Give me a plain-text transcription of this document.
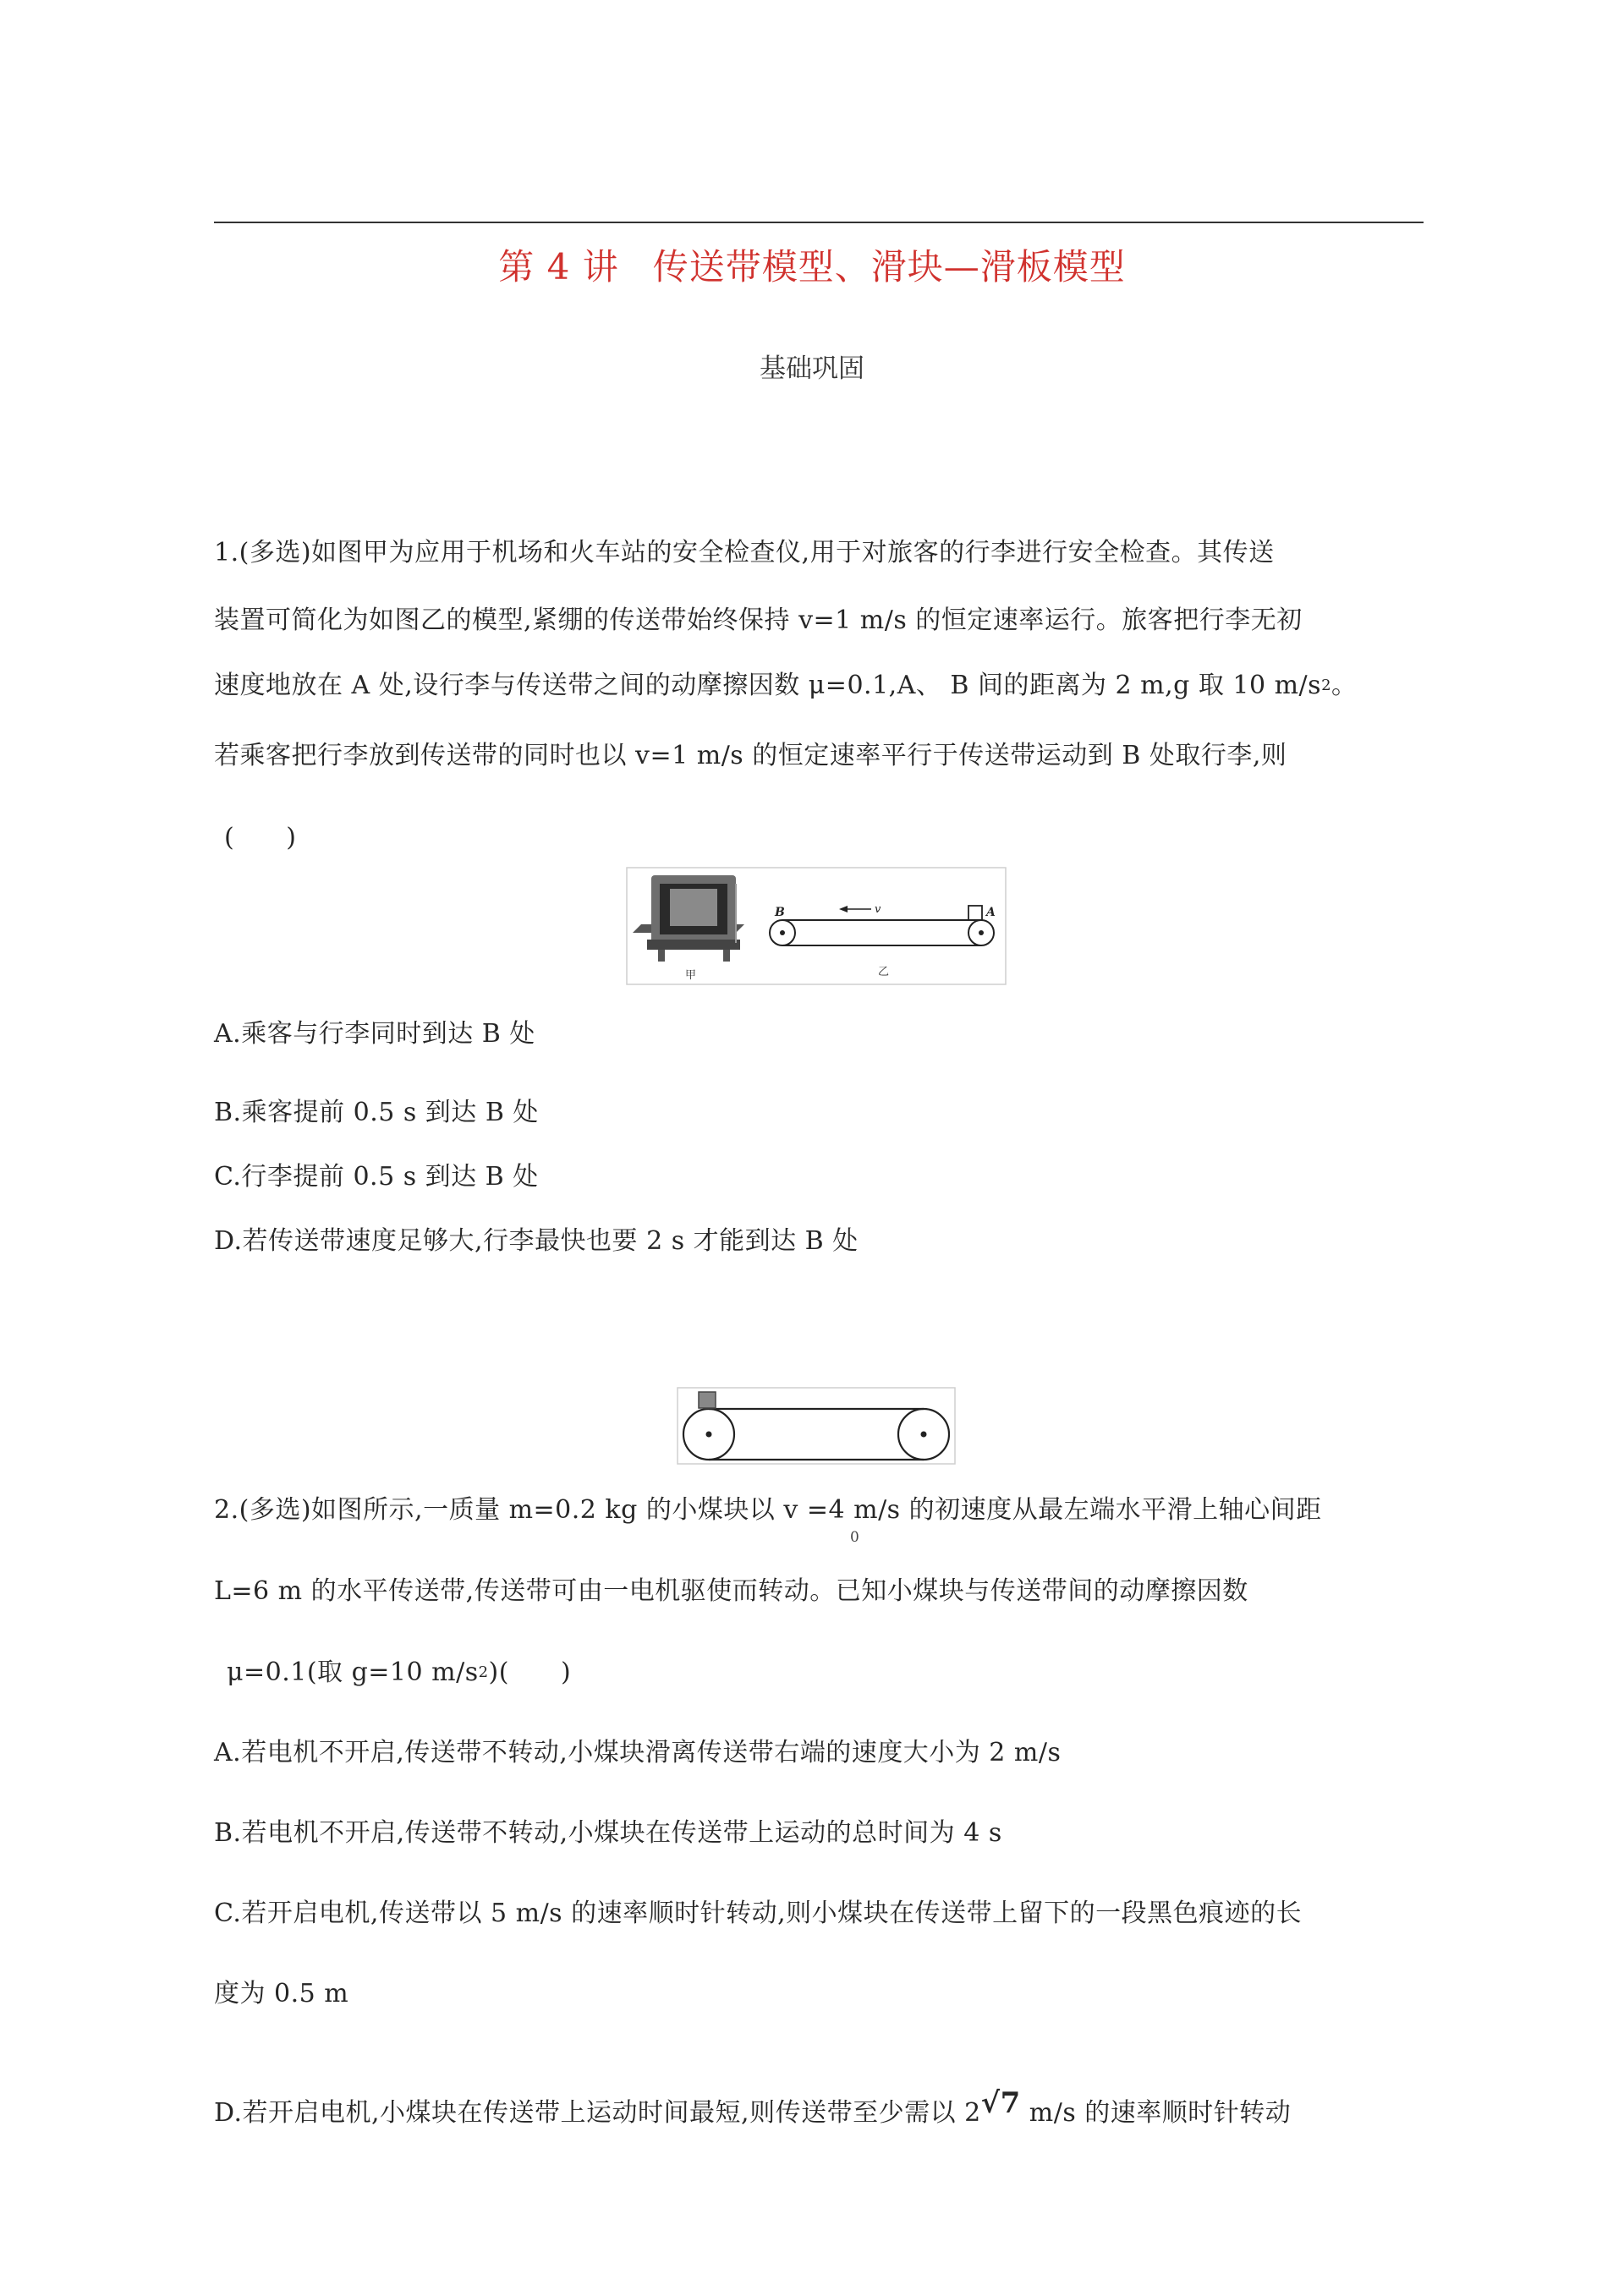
第 4 讲 传送带模型、滑块—滑板模型
基础巩固
1.(多选)如图甲为应用于机场和火车站的安全检查仪,用于对旅客的行李进行安全检查。其传送
装置可简化为如图乙的模型,紧绷的传送带始终保持 v=1 m/s 的恒定速率运行。旅客把行李无初
速度地放在 A 处,设行李与传送带之间的动摩擦因数 μ=0.1,A、 B 间的距离为 2 m,g 取 10 $m/s^2$。
若乘客把行李放到传送带的同时也以 v=1 m/s 的恒定速率平行于传送带运动到 B 处取行李,则
(　　)
甲
B	A
v
乙
A.乘客与行李同时到达 B 处
B.乘客提前 0.5 s 到达 B 处
C.行李提前 0.5 s 到达 B 处
D.若传送带速度足够大,行李最快也要 2 s 才能到达 B 处
2.(多选)如图所示,一质量 m=0.2 kg 的小煤块以 v =4 m/s 的初速度从最左端水平滑上轴心间距
0
L=6 m 的水平传送带,传送带可由一电机驱使而转动。已知小煤块与传送带间的动摩擦因数
μ=0.1(取 g=10 $m/s^2$)(　　)
A.若电机不开启,传送带不转动,小煤块滑离传送带右端的速度大小为 2 m/s
B.若电机不开启,传送带不转动,小煤块在传送带上运动的总时间为 4 s
C.若开启电机,传送带以 5 m/s 的速率顺时针转动,则小煤块在传送带上留下的一段黑色痕迹的长
度为 0.5 m
D.若开启电机,小煤块在传送带上运动时间最短,则传送带至少需以 2√7 m/s 的速率顺时针转动
